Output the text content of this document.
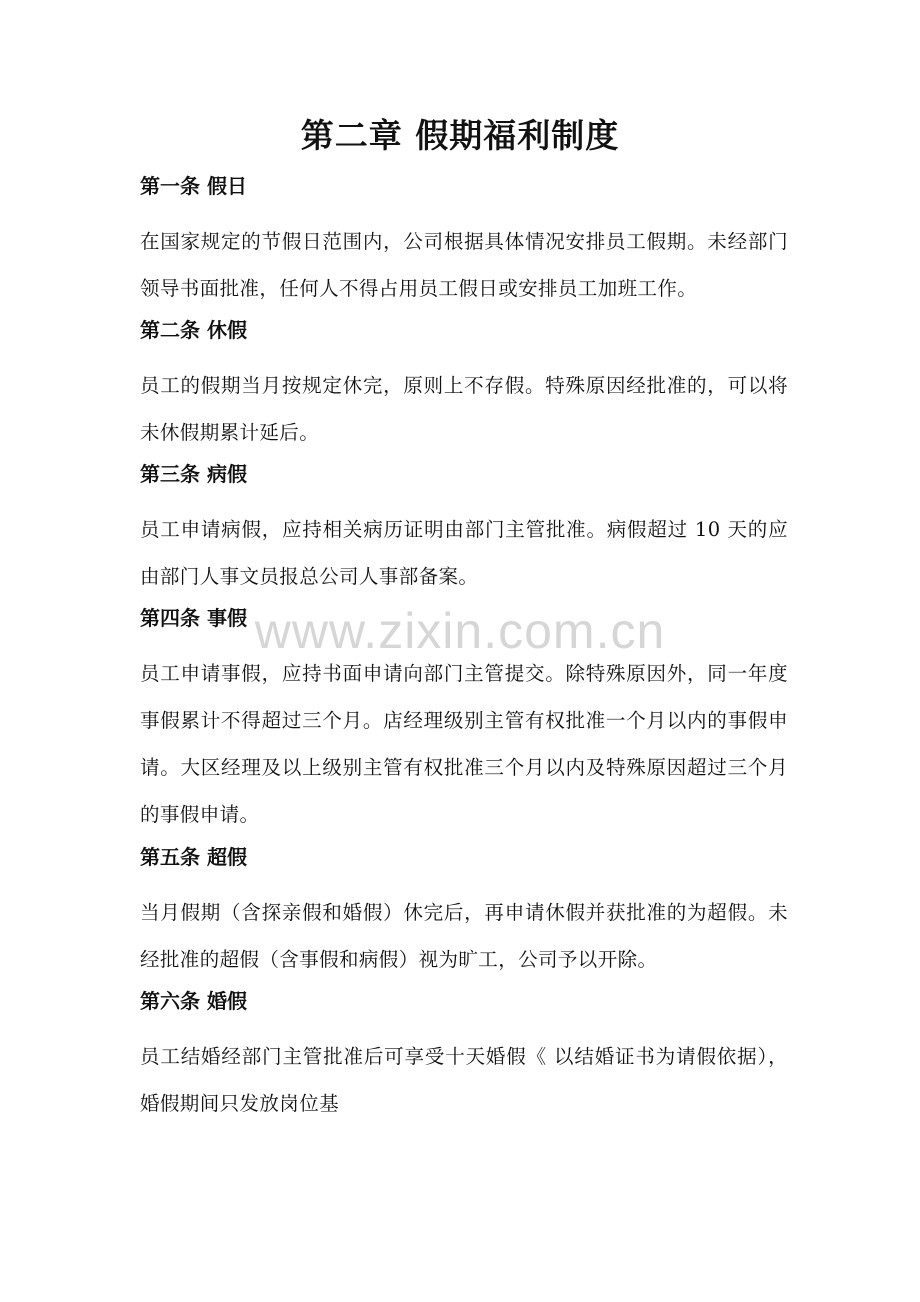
第二章 假期福利制度

第一条 假日

在国家规定的节假日范围内，公司根据具体情况安排员工假期。未经部门领导书面批准，任何人不得占用员工假日或安排员工加班工作。

第二条 休假

员工的假期当月按规定休完，原则上不存假。特殊原因经批准的，可以将未休假期累计延后。

第三条 病假

员工申请病假，应持相关病历证明由部门主管批准。病假超过 10 天的应由部门人事文员报总公司人事部备案。

第四条 事假

员工申请事假，应持书面申请向部门主管提交。除特殊原因外，同一年度事假累计不得超过三个月。店经理级别主管有权批准一个月以内的事假申请。大区经理及以上级别主管有权批准三个月以内及特殊原因超过三个月的事假申请。

第五条 超假

当月假期（含探亲假和婚假）休完后，再申请休假并获批准的为超假。未经批准的超假（含事假和病假）视为旷工，公司予以开除。

第六条 婚假

员工结婚经部门主管批准后可享受十天婚假《 以结婚证书为请假依据），婚假期间只发放岗位基

www.zixin.com.cn
